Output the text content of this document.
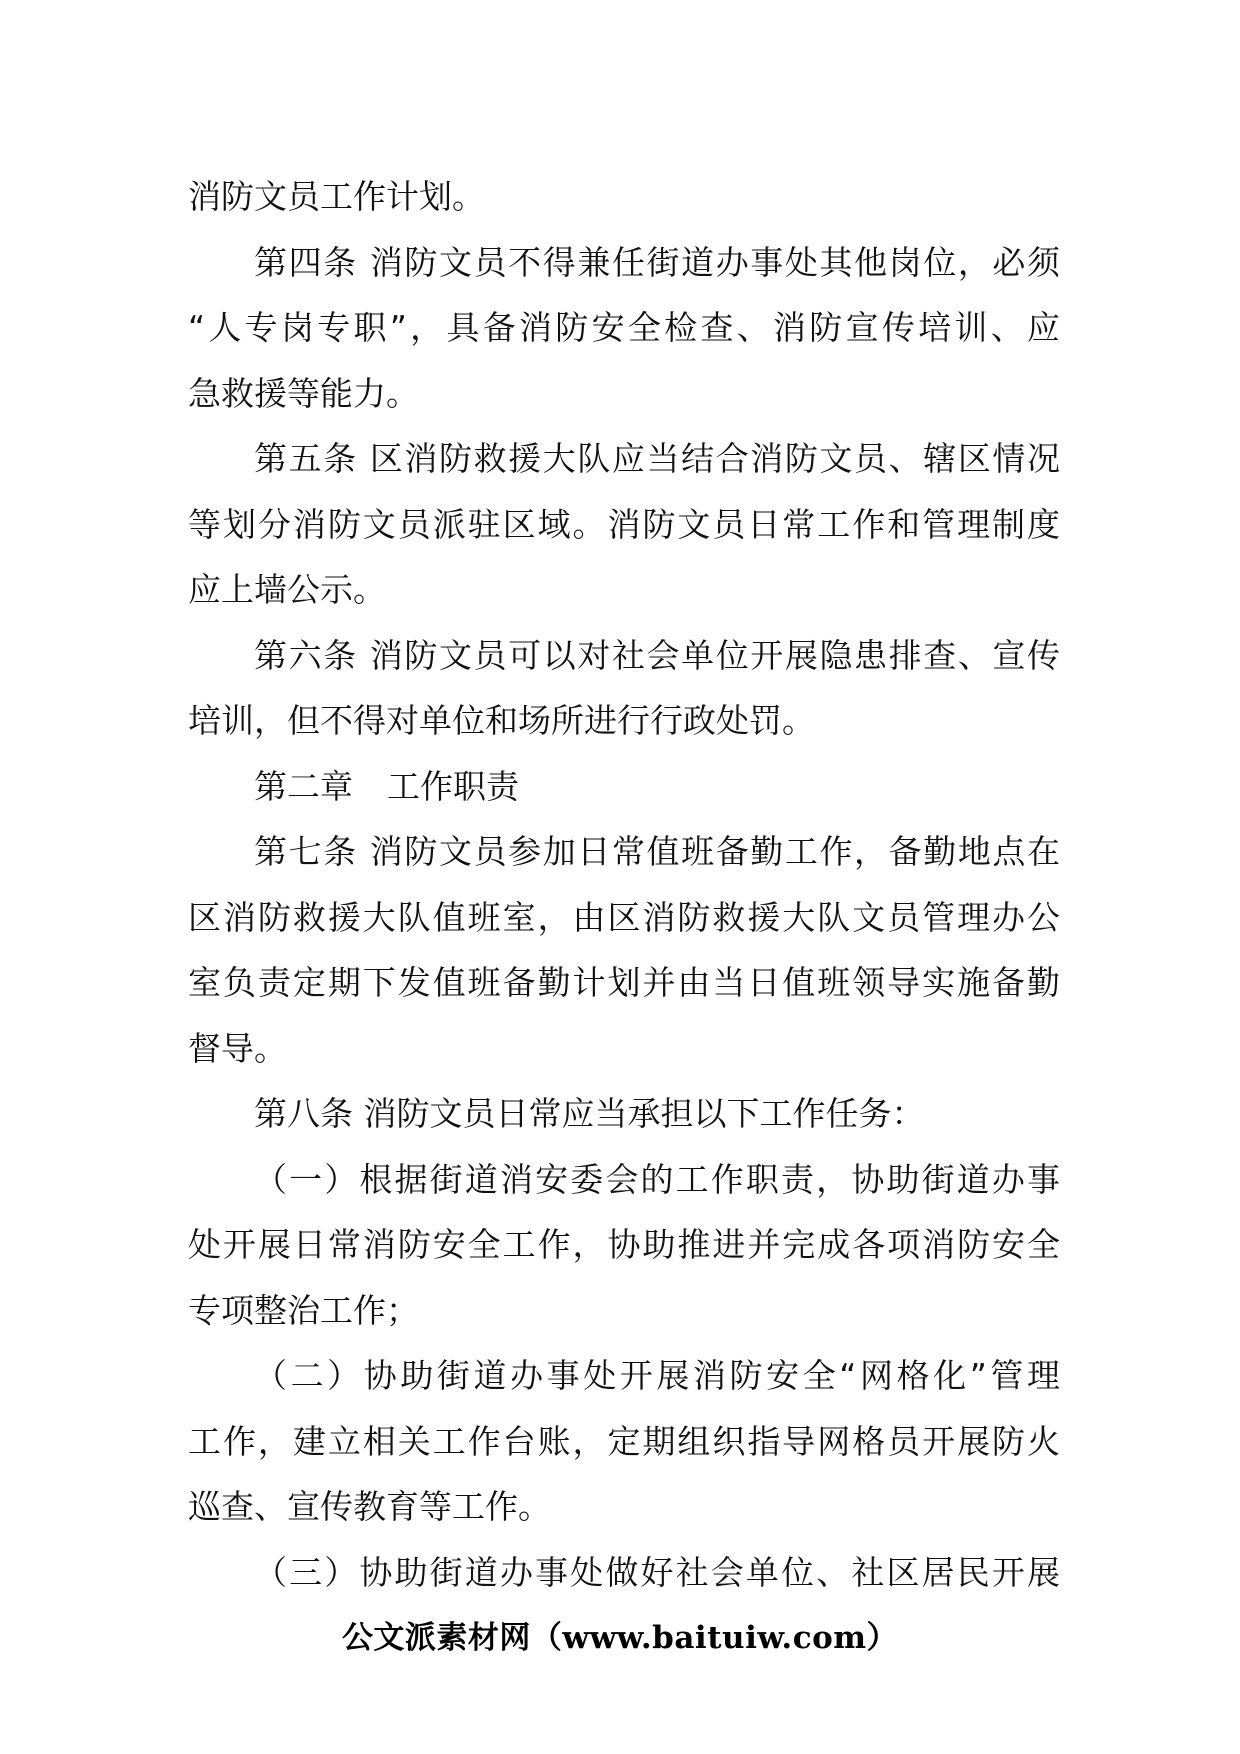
消防文员工作计划。
第四条 消防文员不得兼任街道办事处其他岗位，必须
“人专岗专职”，具备消防安全检查、消防宣传培训、应
急救援等能力。
第五条 区消防救援大队应当结合消防文员、辖区情况
等划分消防文员派驻区域。消防文员日常工作和管理制度
应上墙公示。
第六条 消防文员可以对社会单位开展隐患排查、宣传
培训，但不得对单位和场所进行行政处罚。
第二章 工作职责
第七条 消防文员参加日常值班备勤工作，备勤地点在
区消防救援大队值班室，由区消防救援大队文员管理办公
室负责定期下发值班备勤计划并由当日值班领导实施备勤
督导。
第八条 消防文员日常应当承担以下工作任务：
（一）根据街道消安委会的工作职责，协助街道办事
处开展日常消防安全工作，协助推进并完成各项消防安全
专项整治工作；
（二）协助街道办事处开展消防安全“网格化”管理
工作，建立相关工作台账，定期组织指导网格员开展防火
巡查、宣传教育等工作。
（三）协助街道办事处做好社会单位、社区居民开展
公文派素材网（www.baituiw.com）
